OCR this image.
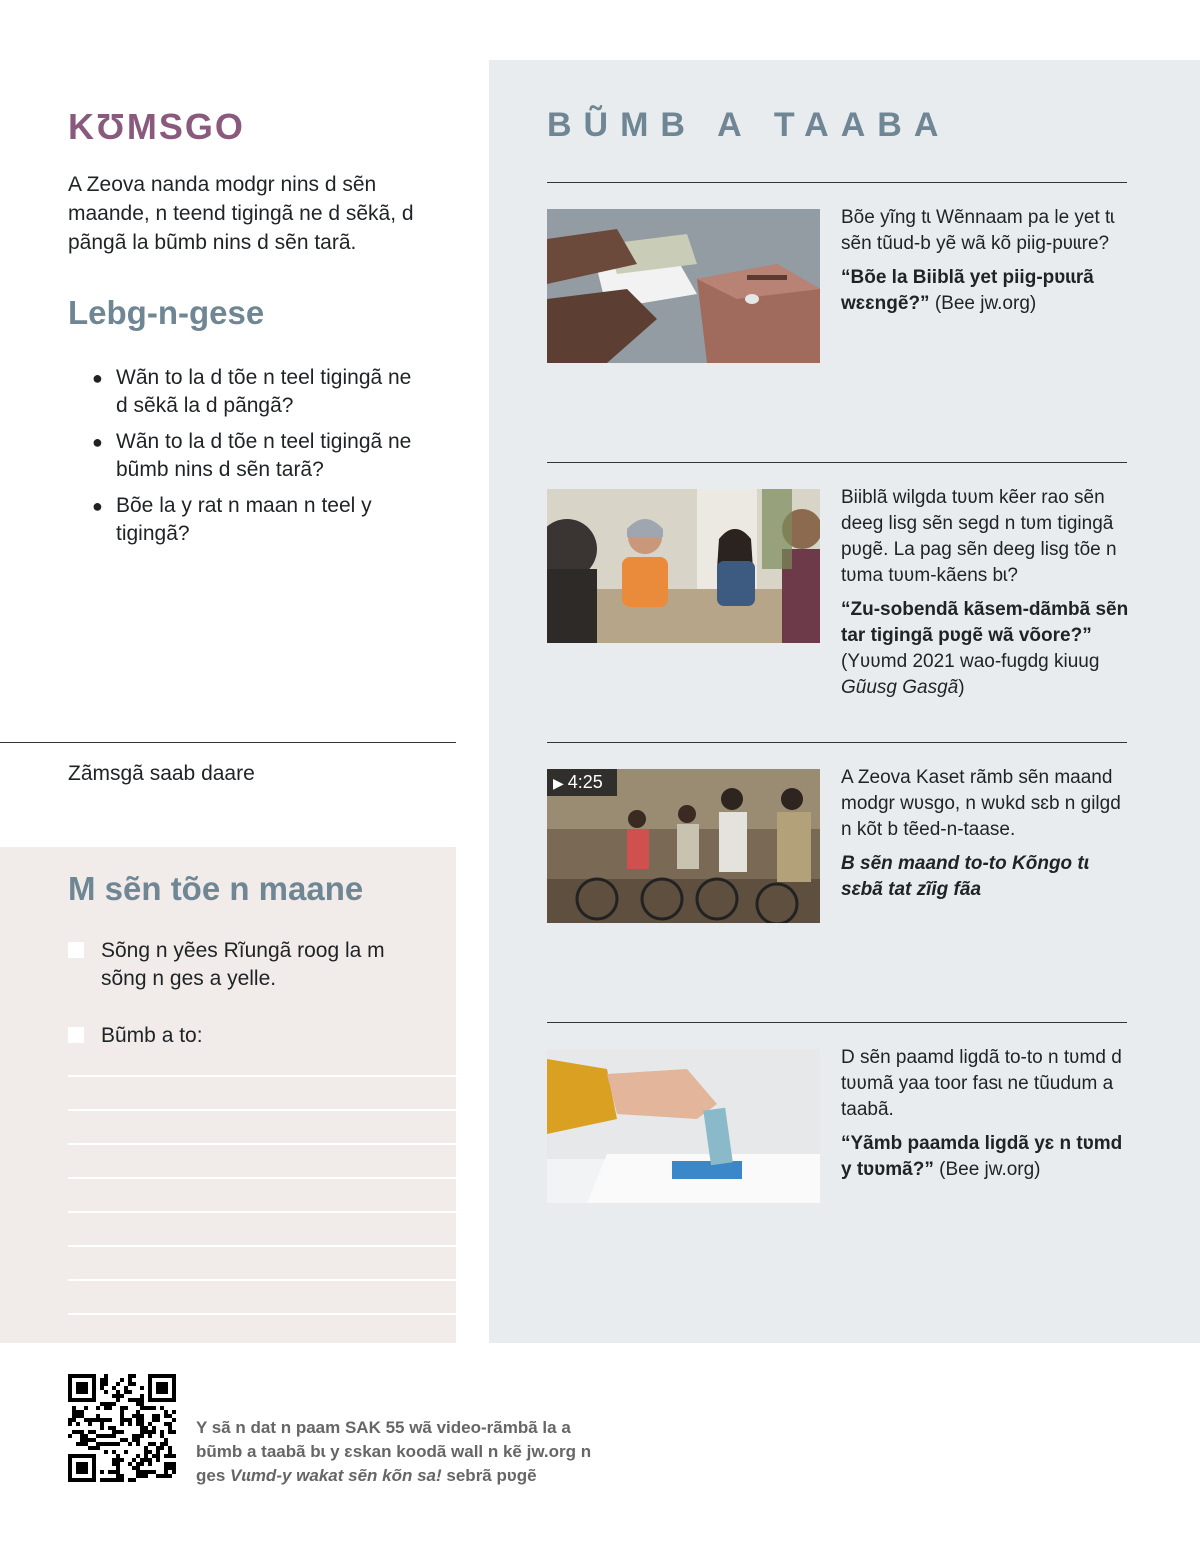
KƱMSGO

A Zeova nanda modgr nins d sẽn maande, n teend tigingã ne d sẽkã, d pãngã la bũmb nins d sẽn tarã.

Lebg-n-gese
● Wãn to la d tõe n teel tigingã ne d sẽkã la d pãngã?
● Wãn to la d tõe n teel tigingã ne bũmb nins d sẽn tarã?
● Bõe la y rat n maan n teel y tigingã?
Zãmsgã saab daare
M sẽn tõe n maane
Sõng n yẽes Rĩungã roog la m sõng n ges a yelle.
Bũmb a to:
BŨMB A TAABA

Bõe yĩng tɩ Wẽnnaam pa le yet tɩ sẽn tũud-b yẽ wã kõ piig-pʋɩɩre?

“Bõe la Biiblã yet piig-pʋɩɩrã wɛɛngẽ?” (Bee jw.org)

Biiblã wilgda tʋʋm kẽer rao sẽn deeg lisg sẽn segd n tʋm tigingã pʋgẽ. La pag sẽn deeg lisg tõe n tʋma tʋʋm-kãens bɩ?

“Zu-sobendã kãsem-dãmbã sẽn tar tigingã pʋgẽ wã võore?” (Yʋʋmd 2021 wao-fugdg kiuug Gũusg Gasgã)

▶ 4:25	A Zeova Kaset rãmb sẽn maand modgr wʋsgo, n wʋkd sɛb n gilgd n kõt b tẽed-n-taase.

B sẽn maand to-to Kõngo tɩ sɛbã tat zĩig fãa

D sẽn paamd ligdã to-to n tʋmd d tʋʋmã yaa toor fasɩ ne tũudum a taabã.

“Yãmb paamda ligdã yɛ n tʋmd y tʋʋmã?” (Bee jw.org)

Y sã n dat n paam SAK 55 wã video-rãmbã la a bũmb a taabã bɩ y ɛskan koodã wall n kẽ jw.org n ges Vɩɩmd-y wakat sẽn kõn sa! sebrã pʋgẽ
